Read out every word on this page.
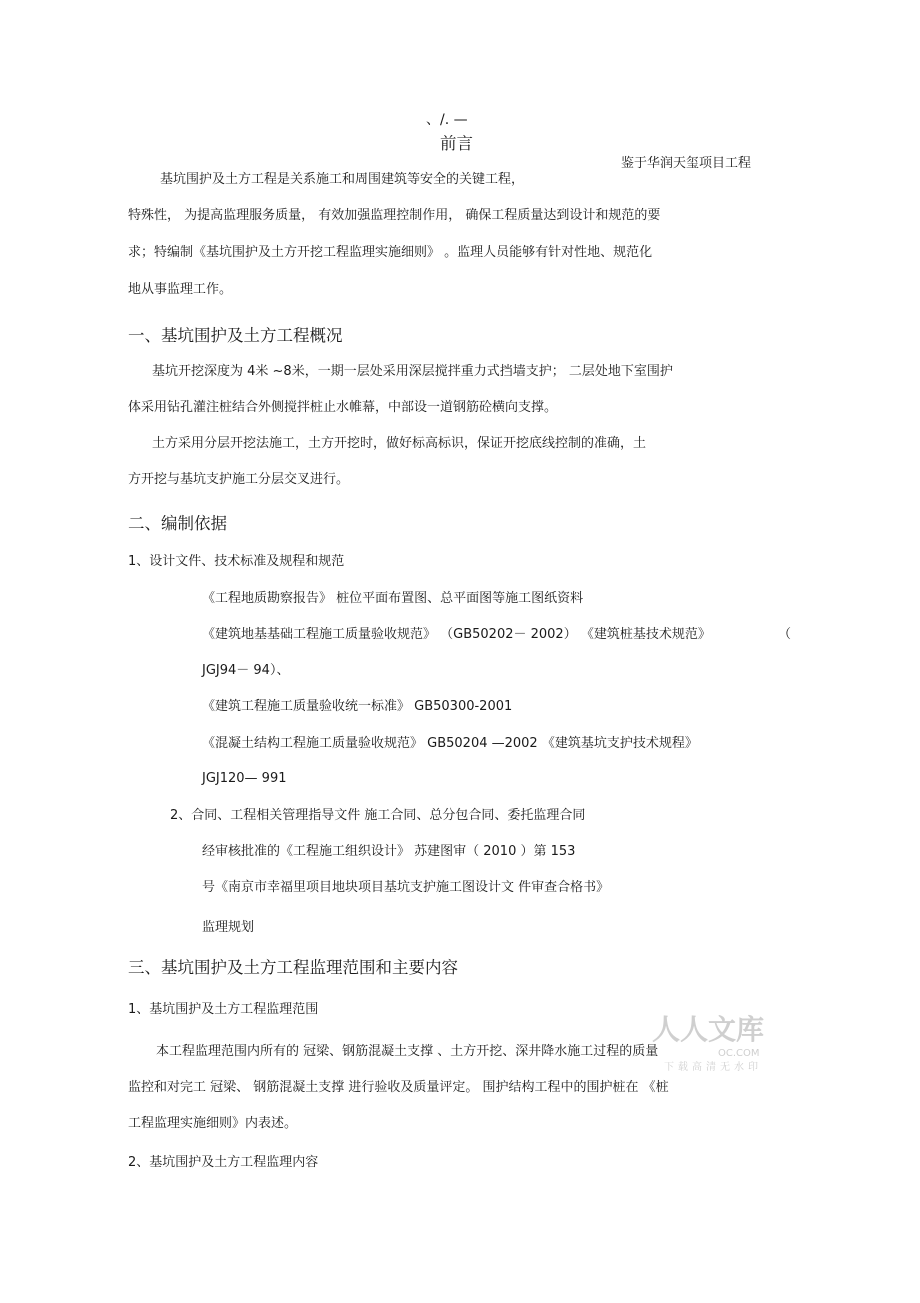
、/. —
前言
鉴于华润天玺项目工程
基坑围护及土方工程是关系施工和周围建筑等安全的关键工程，
特殊性， 为提高监理服务质量， 有效加强监理控制作用， 确保工程质量达到设计和规范的要
求；特编制《基坑围护及土方开挖工程监理实施细则》 。监理人员能够有针对性地、规范化
地从事监理工作。
一、基坑围护及土方工程概况
基坑开挖深度为 4米 ~8米，一期一层处采用深层搅拌重力式挡墙支护； 二层处地下室围护
体采用钻孔灌注桩结合外侧搅拌桩止水帷幕，中部设一道钢筋砼横向支撑。
土方采用分层开挖法施工，土方开挖时，做好标高标识，保证开挖底线控制的准确，土
方开挖与基坑支护施工分层交叉进行。
二、编制依据
1、设计文件、技术标准及规程和规范
《工程地质勘察报告》 桩位平面布置图、总平面图等施工图纸资料
《建筑地基基础工程施工质量验收规范》 （GB50202－ 2002） 《建筑桩基技术规范》	（
JGJ94－ 94）、
《建筑工程施工质量验收统一标准》 GB50300-2001
《混凝土结构工程施工质量验收规范》 GB50204 —2002 《建筑基坑支护技术规程》
JGJ120— 991
2、合同、工程相关管理指导文件 施工合同、总分包合同、委托监理合同
经审核批准的《工程施工组织设计》 苏建图审（ 2010 ）第 153
号《南京市幸福里项目地块项目基坑支护施工图设计文 件审查合格书》
监理规划
三、基坑围护及土方工程监理范围和主要内容
1、基坑围护及土方工程监理范围
本工程监理范围内所有的 冠梁、钢筋混凝土支撑 、土方开挖、深井降水施工过程的质量
监控和对完工 冠梁、 钢筋混凝土支撑 进行验收及质量评定。 围护结构工程中的围护桩在 《桩
工程监理实施细则》内表述。
2、基坑围护及土方工程监理内容
人人文库
OC.COM
下载高清无水印
